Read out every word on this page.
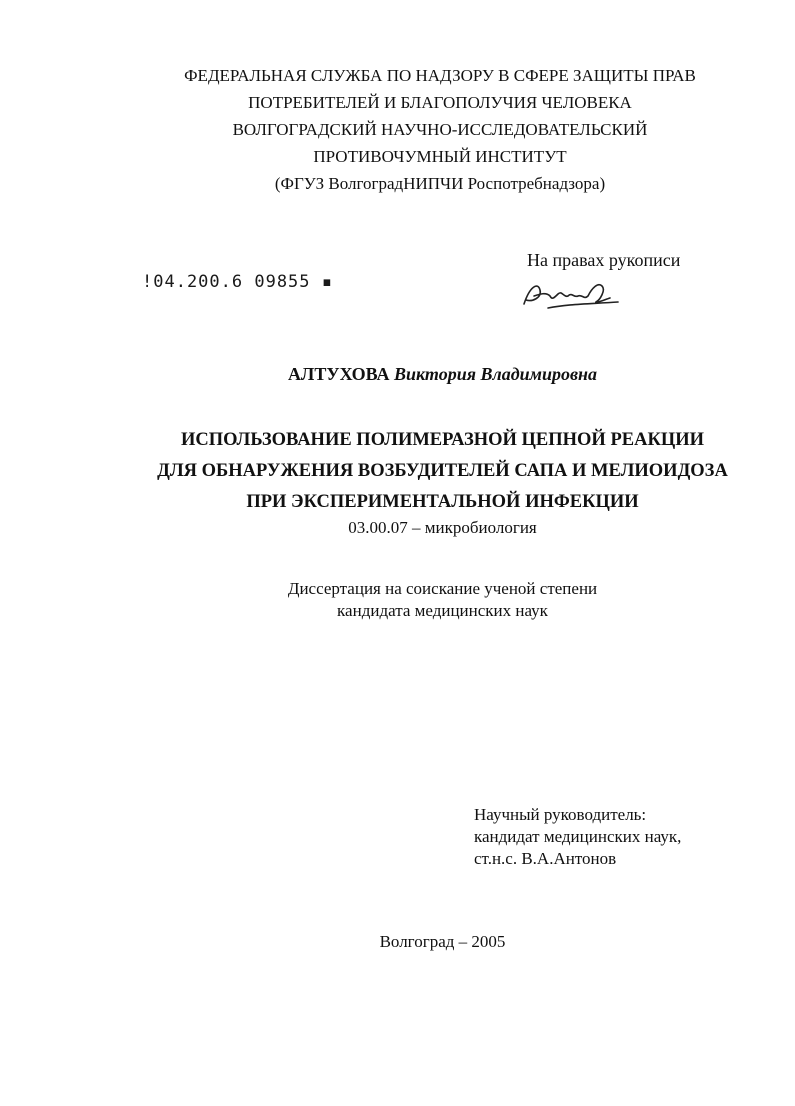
ФЕДЕРАЛЬНАЯ СЛУЖБА ПО НАДЗОРУ В СФЕРЕ ЗАЩИТЫ ПРАВ
ПОТРЕБИТЕЛЕЙ И БЛАГОПОЛУЧИЯ ЧЕЛОВЕКА
ВОЛГОГРАДСКИЙ НАУЧНО-ИССЛЕДОВАТЕЛЬСКИЙ
ПРОТИВОЧУМНЫЙ ИНСТИТУТ
(ФГУЗ ВолгоградНИПЧИ Роспотребнадзора)
!04.200.6 09855 ▪
На правах рукописи
АЛТУХОВА Виктория Владимировна
ИСПОЛЬЗОВАНИЕ ПОЛИМЕРАЗНОЙ ЦЕПНОЙ РЕАКЦИИ
ДЛЯ ОБНАРУЖЕНИЯ ВОЗБУДИТЕЛЕЙ САПА И МЕЛИОИДОЗА
ПРИ ЭКСПЕРИМЕНТАЛЬНОЙ ИНФЕКЦИИ
03.00.07 – микробиология
Диссертация на соискание ученой степени
кандидата медицинских наук
Научный руководитель:
кандидат медицинских наук,
ст.н.с. В.А.Антонов
Волгоград – 2005
